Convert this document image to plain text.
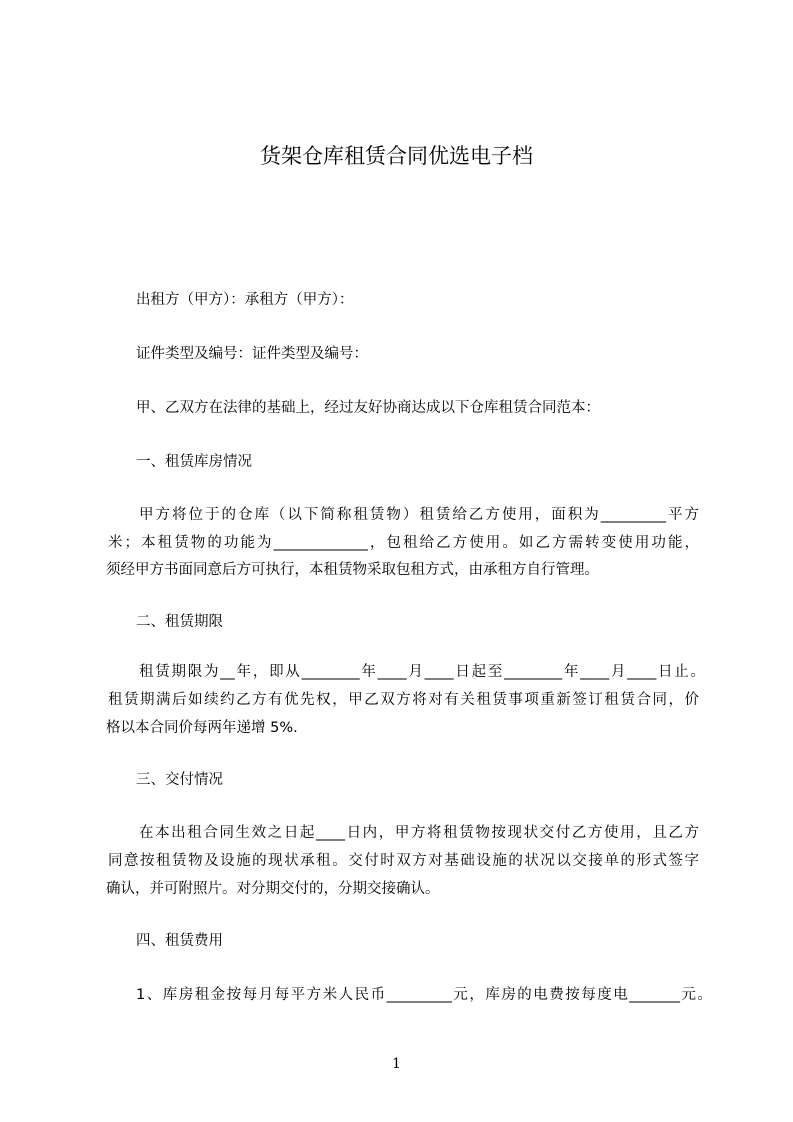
货架仓库租赁合同优选电子档
出租方（甲方）：承租方（甲方）：
证件类型及编号：证件类型及编号：
甲、乙双方在法律的基础上，经过友好协商达成以下仓库租赁合同范本：
一、租赁库房情况
甲方将位于的仓库（以下简称租赁物）租赁给乙方使用，面积为_________平方
米；本租赁物的功能为_____________，包租给乙方使用。如乙方需转变使用功能，
须经甲方书面同意后方可执行，本租赁物采取包租方式，由承租方自行管理。
二、租赁期限
租赁期限为__年，即从________年____月____日起至________年____月____日止。
租赁期满后如续约乙方有优先权，甲乙双方将对有关租赁事项重新签订租赁合同，价
格以本合同价每两年递增 5%.
三、交付情况
在本出租合同生效之日起____日内，甲方将租赁物按现状交付乙方使用，且乙方
同意按租赁物及设施的现状承租。交付时双方对基础设施的状况以交接单的形式签字
确认，并可附照片。对分期交付的，分期交接确认。
四、租赁费用
1、库房租金按每月每平方米人民币_________元，库房的电费按每度电_______元。
1
